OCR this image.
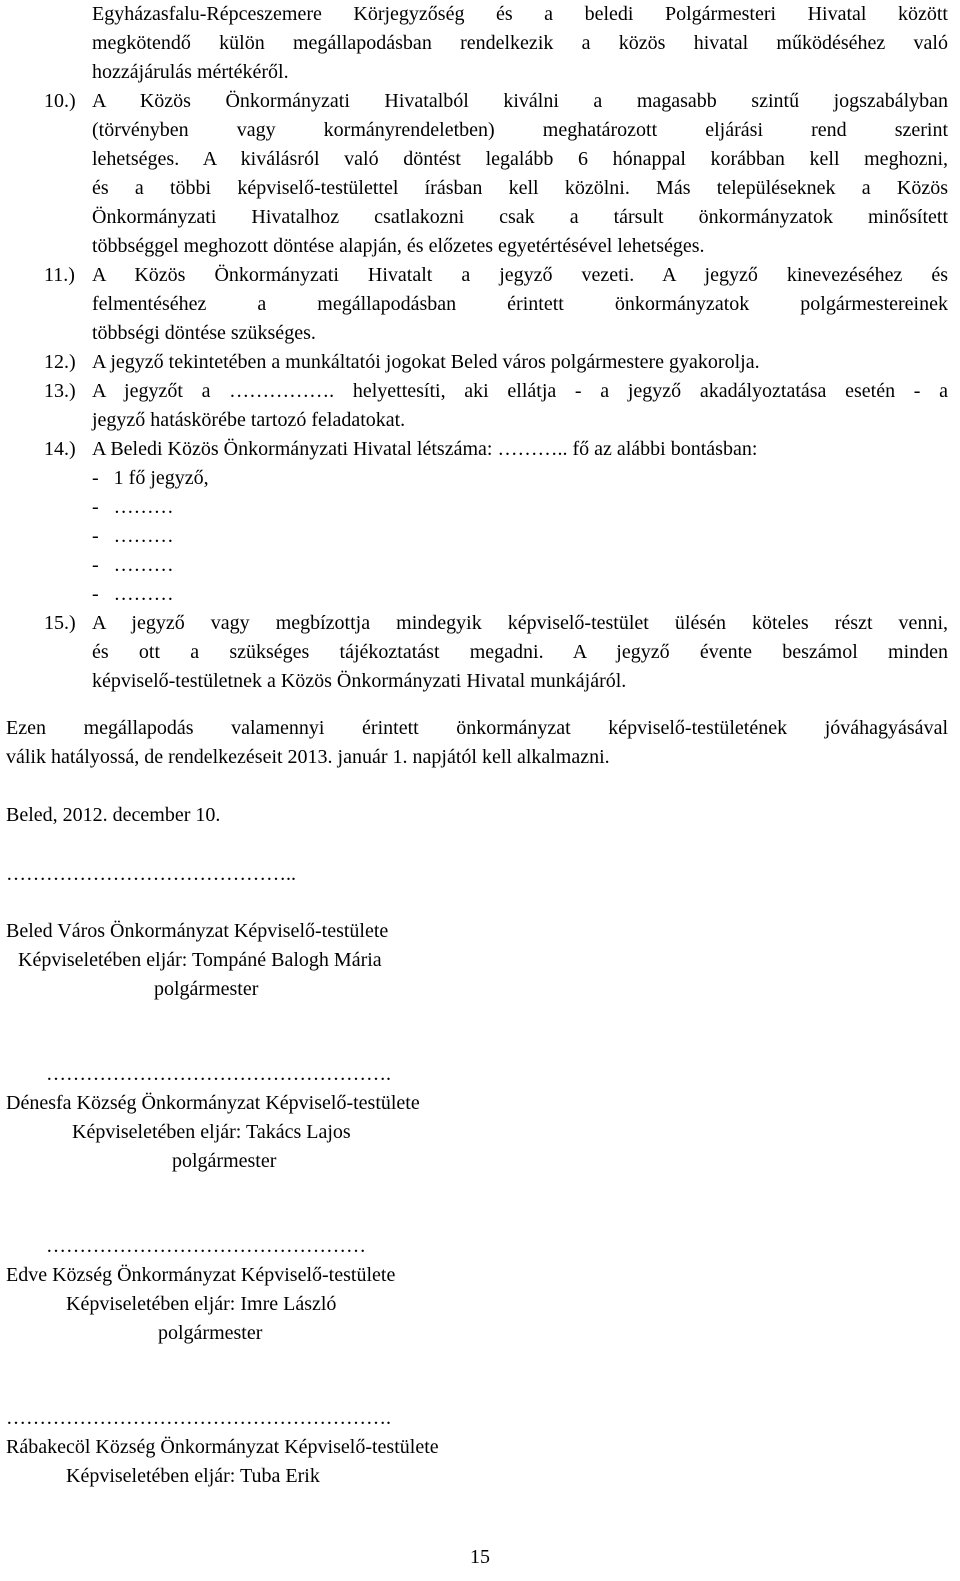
Egyházasfalu-Répceszemere Körjegyzőség és a beledi Polgármesteri Hivatal között
megkötendő külön megállapodásban rendelkezik a közös hivatal működéséhez való
hozzájárulás mértékéről.
10.) A Közös Önkormányzati Hivatalból kiválni a magasabb szintű jogszabályban
(törvényben vagy kormányrendeletben) meghatározott eljárási rend szerint
lehetséges. A kiválásról való döntést legalább 6 hónappal korábban kell meghozni,
és a többi képviselő-testülettel írásban kell közölni. Más településeknek a Közös
Önkormányzati Hivatalhoz csatlakozni csak a társult önkormányzatok minősített
többséggel meghozott döntése alapján, és előzetes egyetértésével lehetséges.
11.) A Közös Önkormányzati Hivatalt a jegyző vezeti. A jegyző kinevezéséhez és
felmentéséhez a megállapodásban érintett önkormányzatok polgármestereinek
többségi döntése szükséges.
12.) A jegyző tekintetében a munkáltatói jogokat Beled város polgármestere gyakorolja.
13.) A jegyzőt a ……………. helyettesíti, aki ellátja - a jegyző akadályoztatása esetén - a
jegyző hatáskörébe tartozó feladatokat.
14.) A Beledi Közös Önkormányzati Hivatal létszáma: ……….. fő az alábbi bontásban:
-   1 fő jegyző,
-   ………
-   ………
-   ………
-   ………
15.) A jegyző vagy megbízottja mindegyik képviselő-testület ülésén köteles részt venni,
és ott a szükséges tájékoztatást megadni. A jegyző évente beszámol minden
képviselő-testületnek a Közös Önkormányzati Hivatal munkájáról.
Ezen megállapodás valamennyi érintett önkormányzat képviselő-testületének jóváhagyásával
válik hatályossá, de rendelkezéseit 2013. január 1. napjától kell alkalmazni.
Beled, 2012. december 10.
……………………………………..
Beled Város Önkormányzat Képviselő-testülete
Képviseletében eljár: Tompáné Balogh Mária
polgármester
…………………………………………….
Dénesfa Község Önkormányzat Képviselő-testülete
Képviseletében eljár: Takács Lajos
polgármester
…………………………………………
Edve Község Önkormányzat Képviselő-testülete
Képviseletében eljár: Imre László
polgármester
………………………………………………….
Rábakecöl Község Önkormányzat Képviselő-testülete
Képviseletében eljár: Tuba Erik
15
